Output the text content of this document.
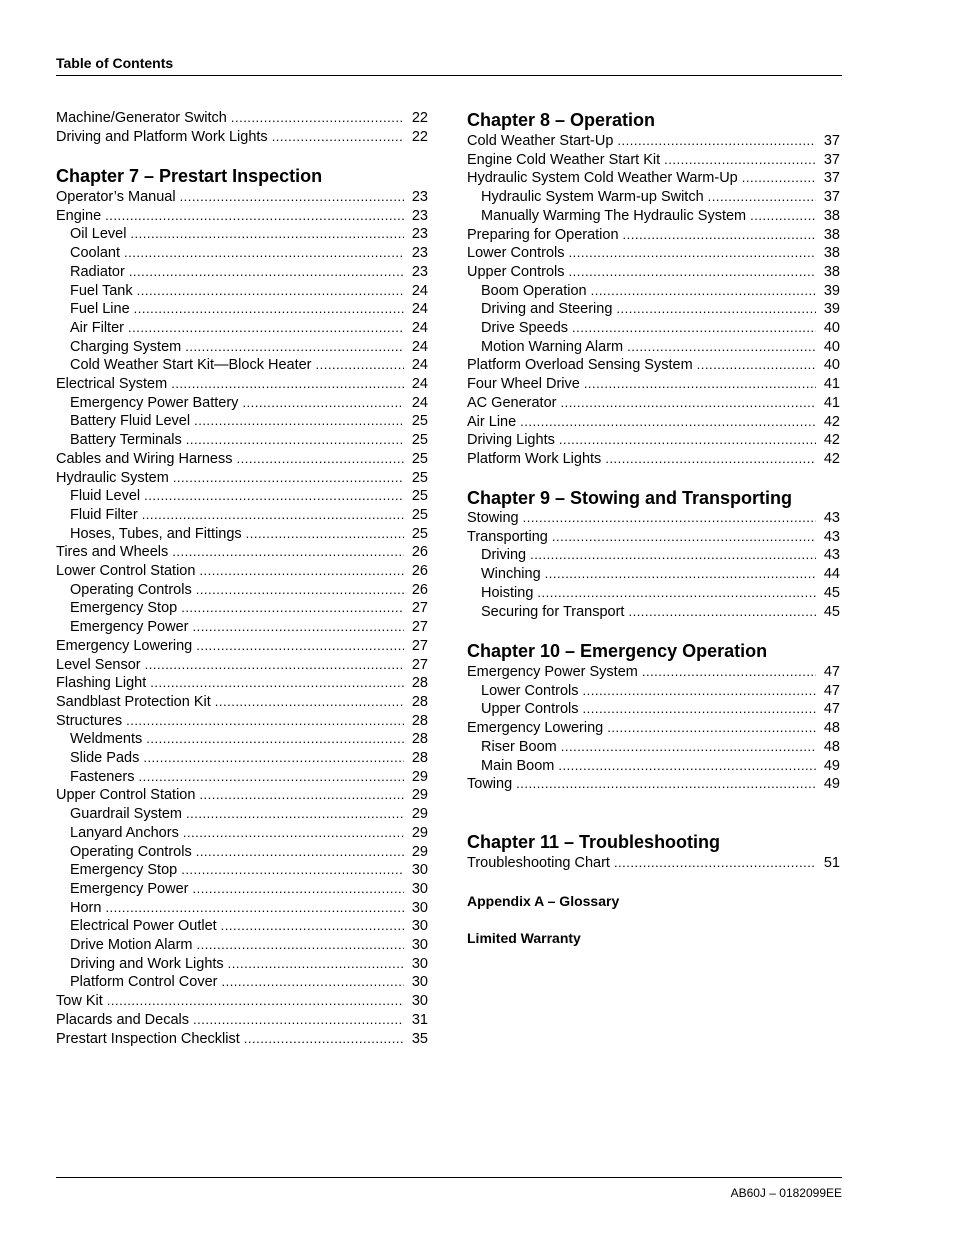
Table of Contents
Chapter 7 – Prestart Inspection
Machine/Generator Switch .....	22
Driving and Platform Work Lights .....	22
Operator’s Manual .....	23
Engine .....	23
Oil Level .....	23
Coolant .....	23
Radiator .....	23
Fuel Tank .....	24
Fuel Line .....	24
Air Filter .....	24
Charging System .....	24
Cold Weather Start Kit—Block Heater .....	24
Electrical System .....	24
Emergency Power Battery .....	24
Battery Fluid Level .....	25
Battery Terminals .....	25
Cables and Wiring Harness .....	25
Hydraulic System .....	25
Fluid Level .....	25
Fluid Filter .....	25
Hoses, Tubes, and Fittings .....	25
Tires and Wheels .....	26
Lower Control Station .....	26
Operating Controls .....	26
Emergency Stop .....	27
Emergency Power .....	27
Emergency Lowering .....	27
Level Sensor .....	27
Flashing Light .....	28
Sandblast Protection Kit .....	28
Structures .....	28
Weldments .....	28
Slide Pads .....	28
Fasteners .....	29
Upper Control Station .....	29
Guardrail System .....	29
Lanyard Anchors .....	29
Operating Controls .....	29
Emergency Stop .....	30
Emergency Power .....	30
Horn .....	30
Electrical Power Outlet .....	30
Drive Motion Alarm .....	30
Driving and Work Lights .....	30
Platform Control Cover .....	30
Tow Kit .....	30
Placards and Decals .....	31
Prestart Inspection Checklist .....	35
Chapter 8 – Operation
Chapter 9 – Stowing and Transporting
Chapter 10 – Emergency Operation
Chapter 11 – Troubleshooting
Appendix A – Glossary
Limited Warranty
Cold Weather Start-Up .....	37
Engine Cold Weather Start Kit .....	37
Hydraulic System Cold Weather Warm-Up .....	37
Hydraulic System Warm-up Switch .....	37
Manually Warming The Hydraulic System .....	38
Preparing for Operation .....	38
Lower Controls .....	38
Upper Controls .....	38
Boom Operation .....	39
Driving and Steering .....	39
Drive Speeds .....	40
Motion Warning Alarm .....	40
Platform Overload Sensing System .....	40
Four Wheel Drive .....	41
AC Generator .....	41
Air Line .....	42
Driving Lights .....	42
Platform Work Lights .....	42
Stowing .....	43
Transporting .....	43
Driving .....	43
Winching .....	44
Hoisting .....	45
Securing for Transport .....	45
Emergency Power System .....	47
Lower Controls .....	47
Upper Controls .....	47
Emergency Lowering .....	48
Riser Boom .....	48
Main Boom .....	49
Towing .....	49
Troubleshooting Chart .....	51
AB60J – 0182099EE
